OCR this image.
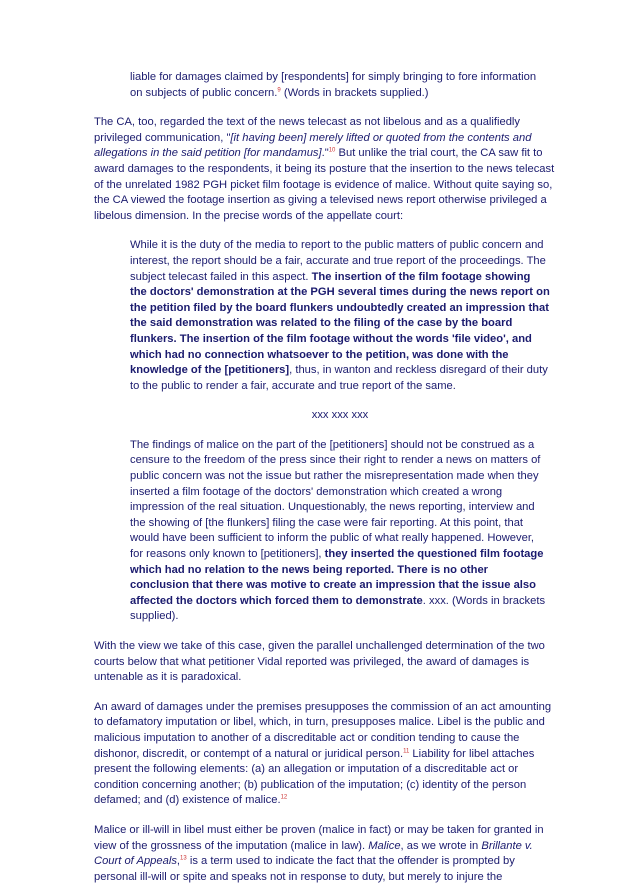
liable for damages claimed by [respondents] for simply bringing to fore information on subjects of public concern.$^9$ (Words in brackets supplied.)

The CA, too, regarded the text of the news telecast as not libelous and as a qualifiedly privileged communication, "[it having been] merely lifted or quoted from the contents and allegations in the said petition [for mandamus]."$^{10}$ But unlike the trial court, the CA saw fit to award damages to the respondents, it being its posture that the insertion to the news telecast of the unrelated 1982 PGH picket film footage is evidence of malice. Without quite saying so, the CA viewed the footage insertion as giving a televised news report otherwise privileged a libelous dimension. In the precise words of the appellate court:

While it is the duty of the media to report to the public matters of public concern and interest, the report should be a fair, accurate and true report of the proceedings. The subject telecast failed in this aspect. The insertion of the film footage showing the doctors' demonstration at the PGH several times during the news report on the petition filed by the board flunkers undoubtedly created an impression that the said demonstration was related to the filing of the case by the board flunkers. The insertion of the film footage without the words 'file video', and which had no connection whatsoever to the petition, was done with the knowledge of the [petitioners], thus, in wanton and reckless disregard of their duty to the public to render a fair, accurate and true report of the same.

xxx xxx xxx

The findings of malice on the part of the [petitioners] should not be construed as a censure to the freedom of the press since their right to render a news on matters of public concern was not the issue but rather the misrepresentation made when they inserted a film footage of the doctors' demonstration which created a wrong impression of the real situation. Unquestionably, the news reporting, interview and the showing of [the flunkers] filing the case were fair reporting. At this point, that would have been sufficient to inform the public of what really happened. However, for reasons only known to [petitioners], they inserted the questioned film footage which had no relation to the news being reported. There is no other conclusion that there was motive to create an impression that the issue also affected the doctors which forced them to demonstrate. xxx. (Words in brackets supplied).

With the view we take of this case, given the parallel unchallenged determination of the two courts below that what petitioner Vidal reported was privileged, the award of damages is untenable as it is paradoxical.

An award of damages under the premises presupposes the commission of an act amounting to defamatory imputation or libel, which, in turn, presupposes malice. Libel is the public and malicious imputation to another of a discreditable act or condition tending to cause the dishonor, discredit, or contempt of a natural or juridical person.$^{11}$ Liability for libel attaches present the following elements: (a) an allegation or imputation of a discreditable act or condition concerning another; (b) publication of the imputation; (c) identity of the person defamed; and (d) existence of malice.$^{12}$

Malice or ill-will in libel must either be proven (malice in fact) or may be taken for granted in view of the grossness of the imputation (malice in law). Malice, as we wrote in Brillante v. Court of Appeals,$^{13}$ is a term used to indicate the fact that the offender is prompted by personal ill-will or spite and speaks not in response to duty, but merely to injure the
